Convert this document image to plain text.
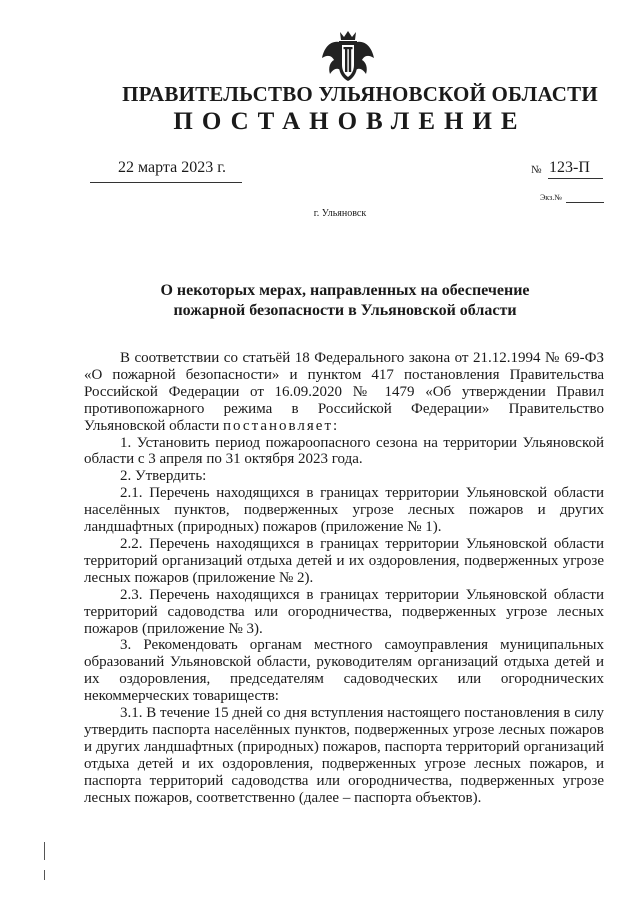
ПРАВИТЕЛЬСТВО УЛЬЯНОВСКОЙ ОБЛАСТИ
ПОСТАНОВЛЕНИЕ
22 марта 2023 г.	№ 123-П
Экз.№
г. Ульяновск
О некоторых мерах, направленных на обеспечение
пожарной безопасности в Ульяновской области

В соответствии со статьёй 18 Федерального закона от 21.12.1994 № 69-ФЗ «О пожарной безопасности» и пунктом 417 постановления Правительства Российской Федерации от 16.09.2020 № 1479 «Об утверждении Правил противопожарного режима в Российской Федерации» Правительство Ульяновской области постановляет:

1. Установить период пожароопасного сезона на территории Ульяновской области с 3 апреля по 31 октября 2023 года.

2. Утвердить:

2.1. Перечень находящихся в границах территории Ульяновской области населённых пунктов, подверженных угрозе лесных пожаров и других ландшафтных (природных) пожаров (приложение № 1).

2.2. Перечень находящихся в границах территории Ульяновской области территорий организаций отдыха детей и их оздоровления, подверженных угрозе лесных пожаров (приложение № 2).

2.3. Перечень находящихся в границах территории Ульяновской области территорий садоводства или огородничества, подверженных угрозе лесных пожаров (приложение № 3).

3. Рекомендовать органам местного самоуправления муниципальных образований Ульяновской области, руководителям организаций отдыха детей и их оздоровления, председателям садоводческих или огороднических некоммерческих товариществ:

3.1. В течение 15 дней со дня вступления настоящего постановления в силу утвердить паспорта населённых пунктов, подверженных угрозе лесных пожаров и других ландшафтных (природных) пожаров, паспорта территорий организаций отдыха детей и их оздоровления, подверженных угрозе лесных пожаров, и паспорта территорий садоводства или огородничества, подверженных угрозе лесных пожаров, соответственно (далее – паспорта объектов).
